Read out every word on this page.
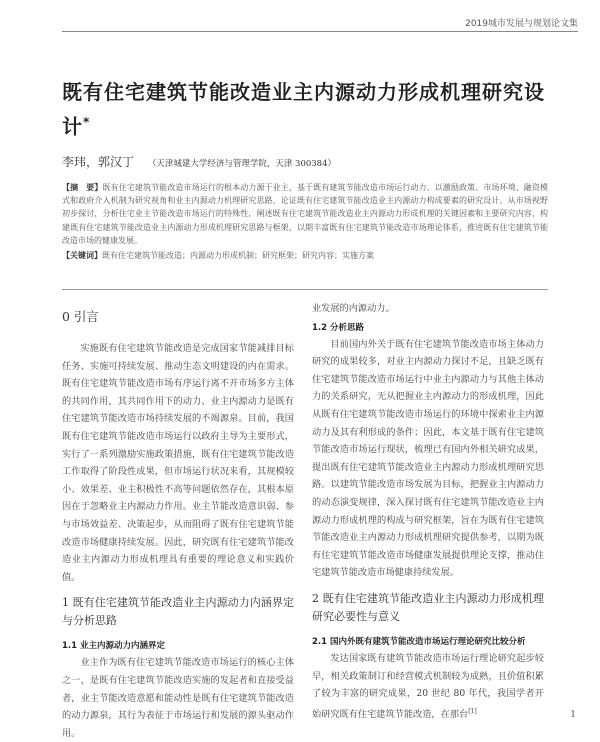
2019城市发展与规划论文集
既有住宅建筑节能改造业主内源动力形成机理研究设计*
李玮，郭汉丁 （天津城建大学经济与管理学院，天津 300384）
【摘　要】既有住宅建筑节能改造市场运行的根本动力源于业主，基于既有建筑节能改造市场运行动力、以激励政策、市场环境、融资模式和政府介入机制为研究视角和业主内源动力机理研究思路，论证既有住宅建筑节能改造业主内源动力构成要素的研究设计。从市场视野初步探讨，分析住宅业主节能改造市场运行的特殊性，阐述既有住宅建筑节能改造业主内源动力形成机理的关键因素和主要研究内容，构建既有住宅建筑节能改造业主内源动力形成机理研究思路与框架，以期丰富既有住宅建筑节能改造市场理论体系，推进既有住宅建筑节能改造市场的健康发展。
【关键词】既有住宅建筑节能改造；内源动力形成机制；研究框架；研究内容；实施方案
0 引言

实施既有住宅建筑节能改造是完成国家节能减排目标任务、实施可持续发展、推动生态文明建设的内在需求。既有住宅建筑节能改造市场有序运行离不开市场多方主体的共同作用，其共同作用下的动力、业主内源动力是既有住宅建筑节能改造市场持续发展的不竭源泉。目前，我国既有住宅建筑节能改造市场运行以政府主导为主要形式，实行了一系列激励实施政策措施，既有住宅建筑节能改造工作取得了阶段性成果，但市场运行状况来看，其规模较小、效果差、业主积极性不高等问题依然存在，其根本原因在于忽略业主内源动力作用。业主节能改造意识弱、参与市场效益差、决策起步，从而阻碍了既有住宅建筑节能改造市场健康持续发展。因此，研究既有住宅建筑节能改造业主内源动力形成机理具有重要的理论意义和实践价值。

1 既有住宅建筑节能改造业主内源动力内涵界定与分析思路
1.1 业主内源动力内涵界定

业主作为既有住宅建筑节能改造市场运行的核心主体之一，是既有住宅建筑节能改造实施的发起者和直接受益者，业主节能改造意愿和能动性是既有住宅建筑节能改造的动力源泉，其行为表征于市场运行和发展的源头驱动作用。

业发展的内源动力。

1.2 分析思路

目前国内外关于既有住宅建筑节能改造市场主体动力研究的成果较多，对业主内源动力探讨不足，且缺乏既有住宅建筑节能改造市场运行中业主内源动力与其他主体动力的关系研究，无从把握业主内源动力的形成机理，因此从既有住宅建筑节能改造市场运行的环境中探索业主内源动力及其有利形成的条件；因此，本文基于既有住宅建筑节能改造市场运行现状，梳理已有国内外相关研究成果，提出既有住宅建筑节能改造业主内源动力形成机理研究思路。以建筑节能改造市场发展为目标，把握业主内源动力的动态演变规律，深入探讨既有住宅建筑节能改造业主内源动力形成机理的构成与研究框架，旨在为既有住宅建筑节能改造业主内源动力形成机理研究提供参考，以期为既有住宅建筑节能改造市场健康发展提供理论支撑，推动住宅建筑节能改造市场健康持续发展。

2 既有住宅建筑节能改造业主内源动力形成机理研究必要性与意义
2.1 国内外既有建筑节能改造市场运行理论研究比较分析

发达国家既有建筑节能改造市场运行理论研究起步较早，相关政策制订和经营模式机制较为成熟，且价值积累了较为丰富的研究成果，20 世纪 80 年代，我国学者开始研究既有住宅建筑节能改造，在那台[1]	1
